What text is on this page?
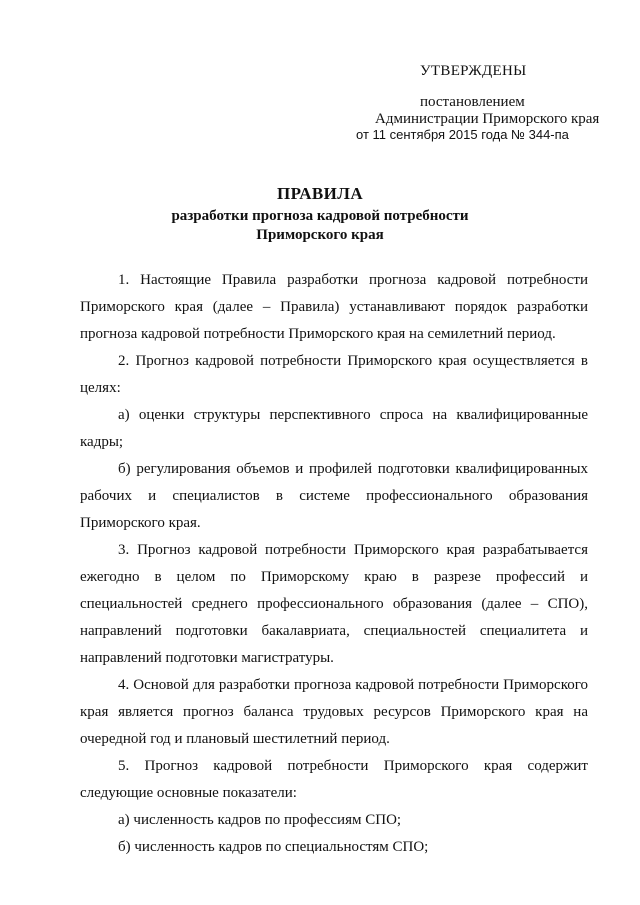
УТВЕРЖДЕНЫ
постановлением
Администрации Приморского края
от 11 сентября 2015 года № 344-па
ПРАВИЛА
разработки прогноза кадровой потребности
Приморского края

1. Настоящие Правила разработки прогноза кадровой потребности Приморского края (далее – Правила) устанавливают порядок разработки прогноза кадровой потребности Приморского края на семилетний период.

2. Прогноз кадровой потребности Приморского края осуществляется в целях:

а) оценки структуры перспективного спроса на квалифицированные кадры;

б) регулирования объемов и профилей подготовки квалифицированных рабочих и специалистов в системе профессионального образования Приморского края.

3. Прогноз кадровой потребности Приморского края разрабатывается ежегодно в целом по Приморскому краю в разрезе профессий и специальностей среднего профессионального образования (далее – СПО), направлений подготовки бакалавриата, специальностей специалитета и направлений подготовки магистратуры.

4. Основой для разработки прогноза кадровой потребности Приморского края является прогноз баланса трудовых ресурсов Приморского края на очередной год и плановый шестилетний период.

5. Прогноз кадровой потребности Приморского края содержит следующие основные показатели:

а) численность кадров по профессиям СПО;

б) численность кадров по специальностям СПО;
